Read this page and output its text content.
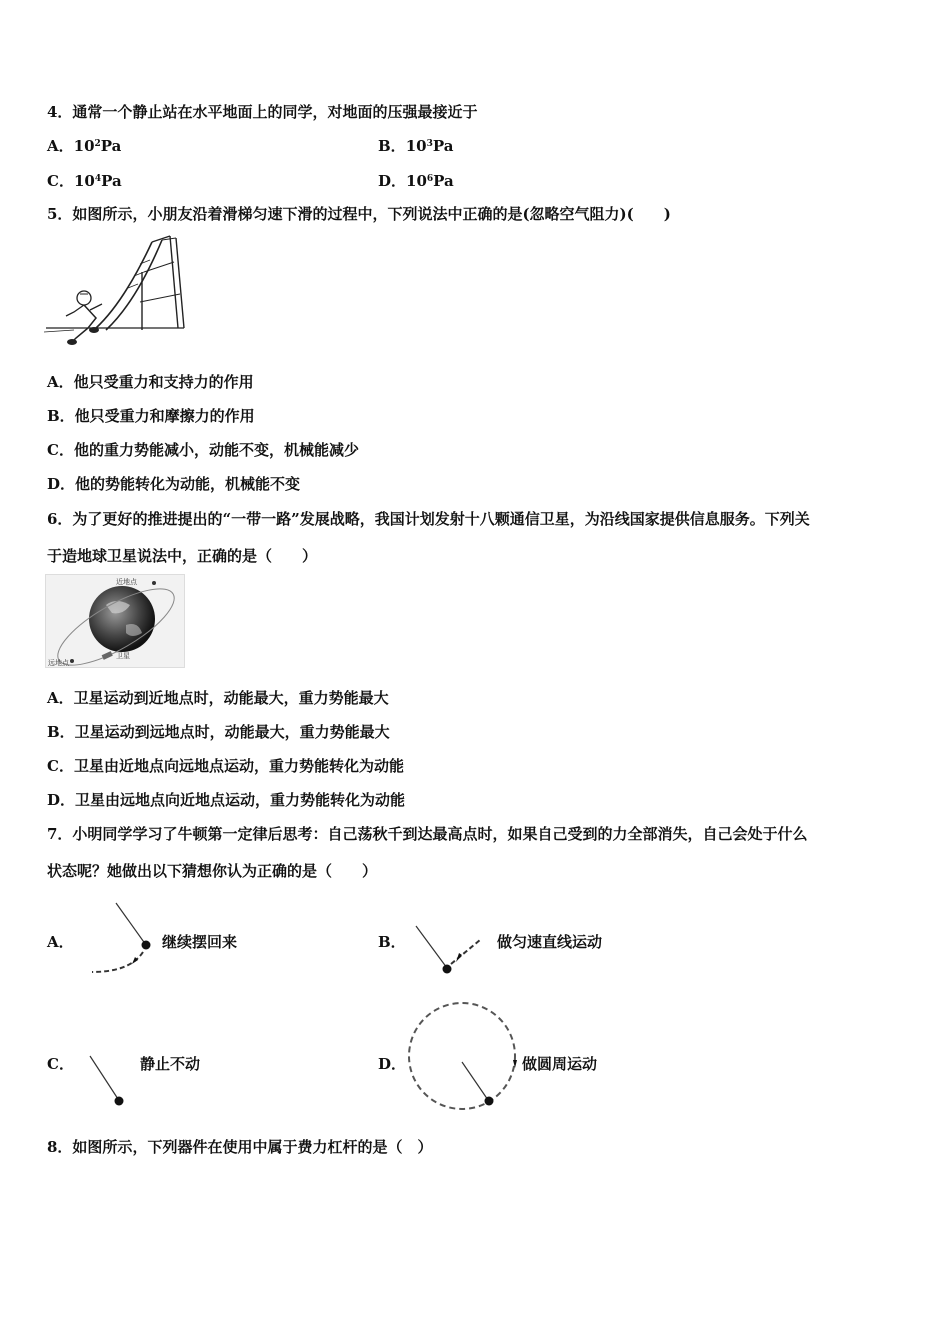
4．通常一个静止站在水平地面上的同学，对地面的压强最接近于
A．$10^2Pa$	B．$10^3Pa$
C．$10^4Pa$	D．$10^6Pa$
5．如图所示，小朋友沿着滑梯匀速下滑的过程中，下列说法中正确的是(忽略空气阻力)(　　)
A．他只受重力和支持力的作用
B．他只受重力和摩擦力的作用
C．他的重力势能减小，动能不变，机械能减少
D．他的势能转化为动能，机械能不变
6．为了更好的推进提出的“一带一路”发展战略，我国计划发射十八颗通信卫星，为沿线国家提供信息服务。下列关
于造地球卫星说法中，正确的是（　　）
近地点
远地点
卫星
A．卫星运动到近地点时，动能最大，重力势能最大
B．卫星运动到远地点时，动能最大，重力势能最大
C．卫星由近地点向远地点运动，重力势能转化为动能
D．卫星由远地点向近地点运动，重力势能转化为动能
7．小明同学学习了牛顿第一定律后思考：自己荡秋千到达最高点时，如果自己受到的力全部消失，自己会处于什么
状态呢？她做出以下猜想你认为正确的是（　　）
A．	继续摆回来	B．	做匀速直线运动
C．	静止不动	D．	做圆周运动
8．如图所示，下列器件在使用中属于费力杠杆的是（　）
